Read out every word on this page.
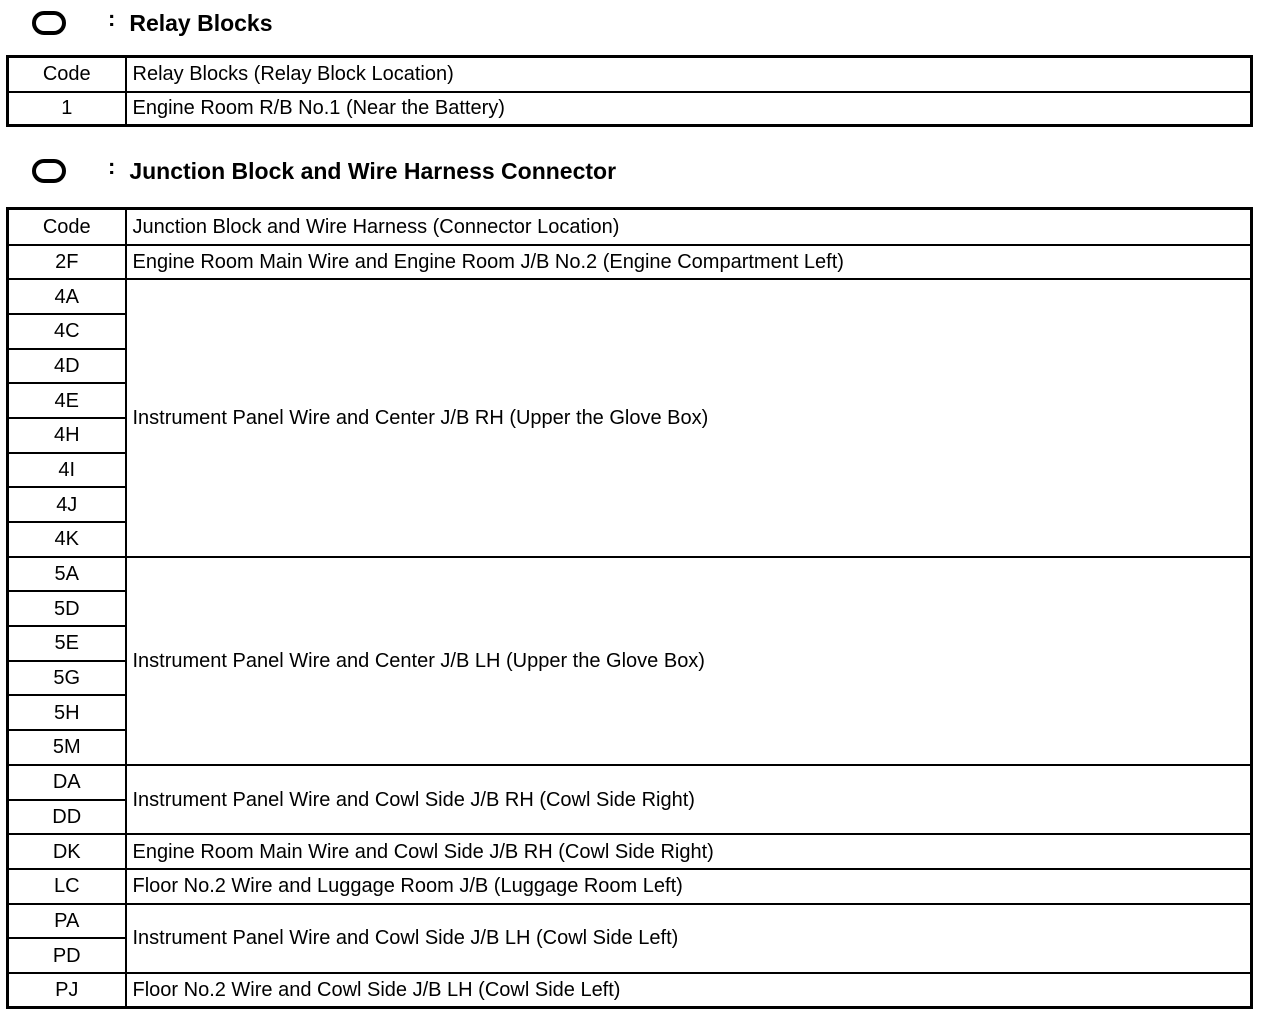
: Relay Blocks
Code	Relay Blocks (Relay Block Location)
1	Engine Room R/B No.1 (Near the Battery)
: Junction Block and Wire Harness Connector
Code	Junction Block and Wire Harness (Connector Location)
2F	Engine Room Main Wire and Engine Room J/B No.2 (Engine Compartment Left)
4A	Instrument Panel Wire and Center J/B RH (Upper the Glove Box)
4C	
4D	
4E	
4H	
4I	
4J	
4K	
5A	Instrument Panel Wire and Center J/B LH (Upper the Glove Box)
5D	
5E	
5G	
5H	
5M	
DA	Instrument Panel Wire and Cowl Side J/B RH (Cowl Side Right)
DD	
DK	Engine Room Main Wire and Cowl Side J/B RH (Cowl Side Right)
LC	Floor No.2 Wire and Luggage Room J/B (Luggage Room Left)
PA	Instrument Panel Wire and Cowl Side J/B LH (Cowl Side Left)
PD	
PJ	Floor No.2 Wire and Cowl Side J/B LH (Cowl Side Left)
